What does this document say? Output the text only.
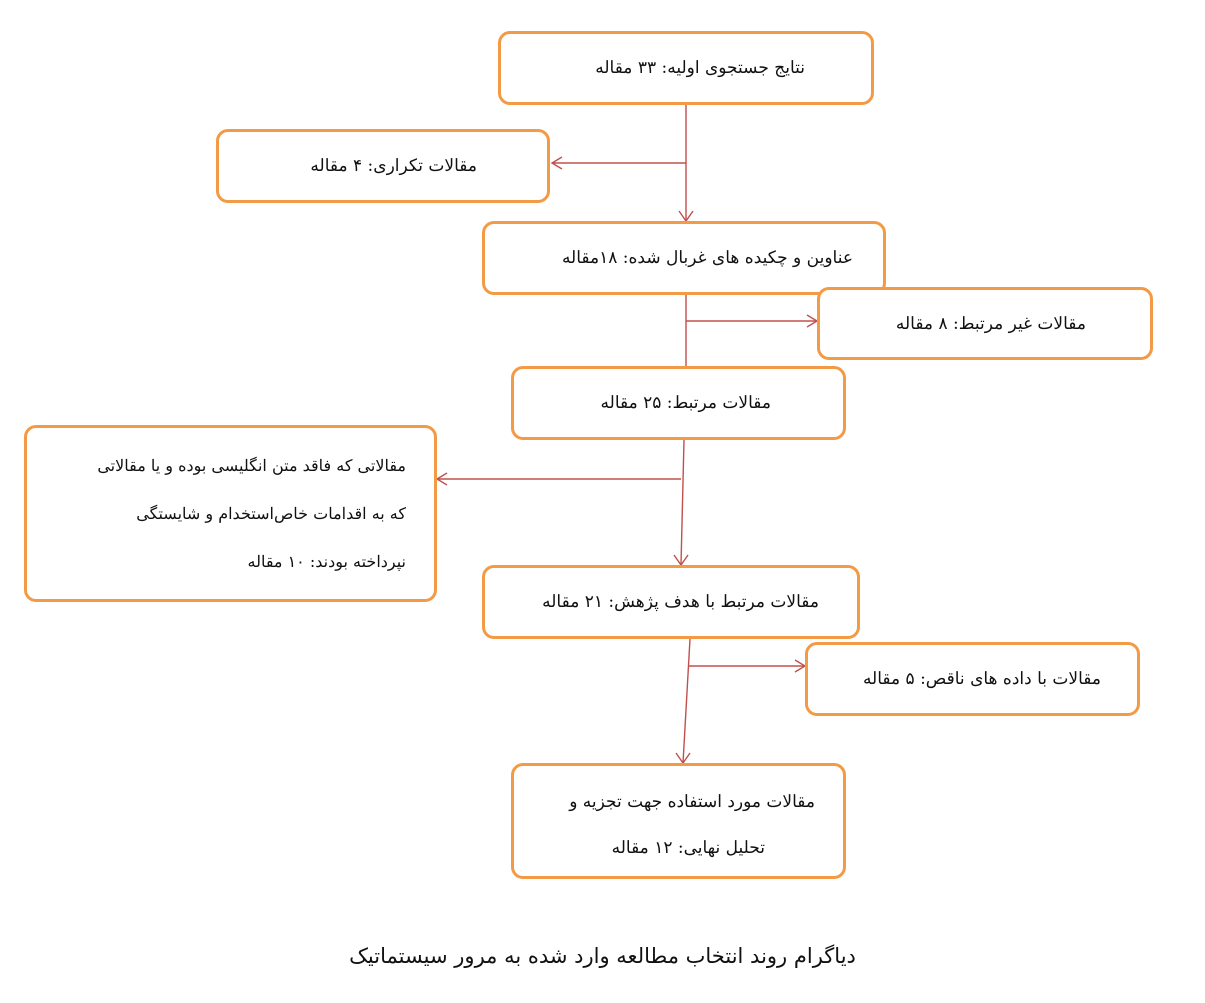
نتایج جستجوی اولیه: ۳۳ مقاله
مقالات تکراری: ۴ مقاله
عناوین و چکیده های غربال شده: ۱۸مقاله
مقالات غیر مرتبط: ۸ مقاله
مقالات مرتبط: ۲۵ مقاله
مقالاتی که فاقد متن انگلیسی بوده و یا مقالاتی
که به اقدامات خاص‌استخدام و شایستگی
نپرداخته بودند: ۱۰ مقاله
مقالات مرتبط با هدف پژهش: ۲۱ مقاله
مقالات با داده های ناقص: ۵ مقاله
مقالات مورد استفاده جهت تجزیه و
تحلیل نهایی: ۱۲ مقاله
دیاگرام روند انتخاب مطالعه وارد شده به مرور سیستماتیک
